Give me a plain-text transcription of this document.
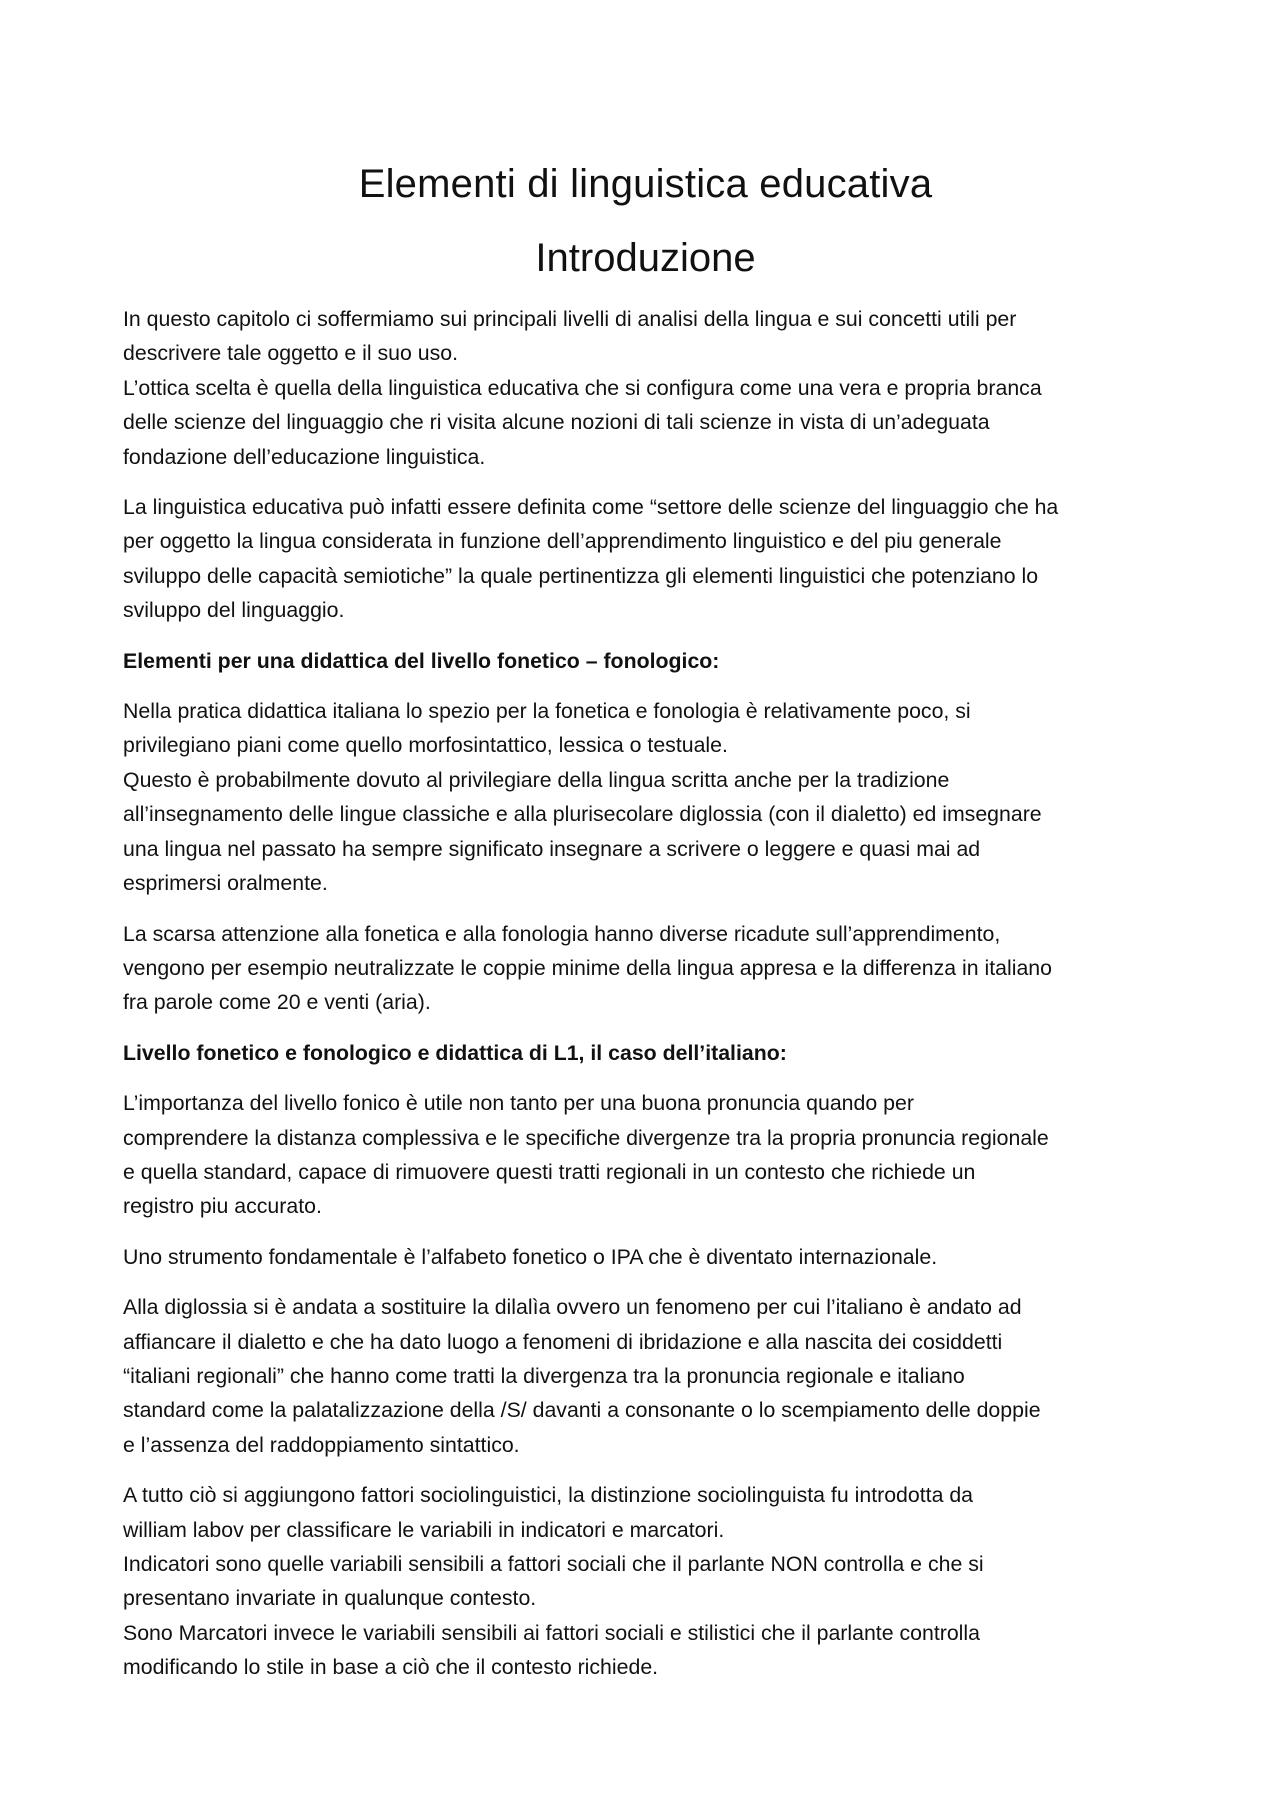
Elementi di linguistica educativa
Introduzione

In questo capitolo ci soffermiamo sui principali livelli di analisi della lingua e sui concetti utili per
descrivere tale oggetto e il suo uso.
L’ottica scelta è quella della linguistica educativa che si configura come una vera e propria branca
delle scienze del linguaggio che ri visita alcune nozioni di tali scienze in vista di un’adeguata
fondazione dell’educazione linguistica.

La linguistica educativa può infatti essere definita come “settore delle scienze del linguaggio che ha
per oggetto la lingua considerata in funzione dell’apprendimento linguistico e del piu generale
sviluppo delle capacità semiotiche” la quale pertinentizza gli elementi linguistici che potenziano lo
sviluppo del linguaggio.

Elementi per una didattica del livello fonetico – fonologico:

Nella pratica didattica italiana lo spezio per la fonetica e fonologia è relativamente poco, si
privilegiano piani come quello morfosintattico, lessica o testuale.
Questo è probabilmente dovuto al privilegiare della lingua scritta anche per la tradizione
all’insegnamento delle lingue classiche e alla plurisecolare diglossia (con il dialetto) ed imsegnare
una lingua nel passato ha sempre significato insegnare a scrivere o leggere e quasi mai ad
esprimersi oralmente.

La scarsa attenzione alla fonetica e alla fonologia hanno diverse ricadute sull’apprendimento,
vengono per esempio neutralizzate le coppie minime della lingua appresa e la differenza in italiano
fra parole come 20 e venti (aria).

Livello fonetico e fonologico e didattica di L1, il caso dell’italiano:

L’importanza del livello fonico è utile non tanto per una buona pronuncia quando per
comprendere la distanza complessiva e le specifiche divergenze tra la propria pronuncia regionale
e quella standard, capace di rimuovere questi tratti regionali in un contesto che richiede un
registro piu accurato.

Uno strumento fondamentale è l’alfabeto fonetico o IPA che è diventato internazionale.

Alla diglossia si è andata a sostituire la dilalìa ovvero un fenomeno per cui l’italiano è andato ad
affiancare il dialetto e che ha dato luogo a fenomeni di ibridazione e alla nascita dei cosiddetti
“italiani regionali” che hanno come tratti la divergenza tra la pronuncia regionale e italiano
standard come la palatalizzazione della /S/ davanti a consonante o lo scempiamento delle doppie
e l’assenza del raddoppiamento sintattico.

A tutto ciò si aggiungono fattori sociolinguistici, la distinzione sociolinguista fu introdotta da
william labov per classificare le variabili in indicatori e marcatori.
Indicatori sono quelle variabili sensibili a fattori sociali che il parlante NON controlla e che si
presentano invariate in qualunque contesto.
Sono Marcatori invece le variabili sensibili ai fattori sociali e stilistici che il parlante controlla
modificando lo stile in base a ciò che il contesto richiede.
